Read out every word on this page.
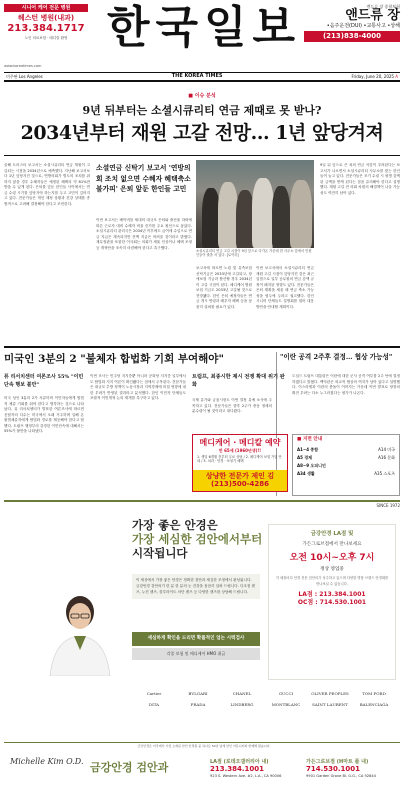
시니어 케어 전문 병원
헤스턴 병원(내과)
213.384.1717
노인 의료보험 · 메디칼 환영 한국일보	앤드류 장 종합보험
앤드류 장
•음주운전(DUI) •교통사고 •상해
(213)838-4000
www.koreatimes.com
미주판 Los Angeles	THE KOREA TIMES	Friday, June 20, 2025 A
■ 이슈 분석
9년 뒤부터는 소셜시큐리티 연금 제때로 못 받나?
2034년부터 재원 고갈 전망… 1년 앞당겨져
올해 트러스티 보고서는 소셜시큐리티 연금 재원이 고갈되는 시점을 2034년으로 예측했다. 지난해 보고서보다 1년 앞당겨진 것으로, 연방의회가 별도의 조치를 취하지 않을 경우 수혜자들은 예정된 혜택의 약 81%만 받을 수 있게 된다. 은퇴를 앞둔 한인들 사이에서는 연금 수령 시기를 앞당겨야 하는지를 두고 고민이 깊어지고 있다. 전문가들은 개인 재정 상황과 건강 상태를 종합적으로 고려해 결정해야 한다고 조언한다.
소셜연금 신탁기 보고서 '연방의회 조치 없으면 수혜자 혜택축소 불가피' 은퇴 앞둔 한인들 고민
이번 보고서는 베이비붐 세대의 대규모 은퇴와 출산율 하락에 따른 근로자 대비 수혜자 비율 증가를 주요 원인으로 꼽았다. 소셜시큐리티 관리국은 2034년 이후에도 급여세 수입으로 연금 지급은 계속되지만 전액 지급은 어려울 것이라고 밝혔다. 재무장관을 포함한 이사회는 의회가 세율 인상이나 혜택 조정 등 개혁안을 조속히 마련해야 한다고 촉구했다.
소셜시큐리티 연금 고갈 시점이 9년 앞으로 다가온 가운데 한 사무소 앞에서 민원인들이 줄을 서 있다. [로이터]
보고서에 따르면 노령 및 유족보험 신탁기금은 2033년에 고갈되고, 장애보험 기금과 합산할 경우 2034년이 고갈 시점이 된다. 메디케어 병원보험 기금도 2033년 고갈될 것으로 전망됐다. 한인 은퇴 예정자들은 연금 개시 연령과 배우자 혜택 등을 꼼꼼히 살펴볼 필요가 있다.
이번 보고서에서 소셜시큐리티 연금 재원 고갈 시점이 앞당겨진 것은 최근 입법으로 일부 공무원의 연금 감액 규정이 폐지된 영향도 있다. 전문가들은 은퇴 계획을 세울 때 연금 축소 가능성을 염두에 두라고 권고했다. 한인 시니어 단체들도 설명회를 열어 대응 방안을 안내할 계획이다.
9일 뒤 앞으로 큰 폭의 연금 삭감이 우려된다는 보고서가 나오면서 소셜시큐리티 사무소를 찾는 한인들이 늘고 있다. 전문가들은 조기 수령 시 평생 감액된 금액을 받게 된다는 점을 유의해야 한다고 설명했다. 재원 고갈 전 의회 차원의 해결책이 나올 가능성도 여전히 남아 있다.
미국인 3분의 2 "불체자 합법화 기회 부여해야"	"이란 공격 2주후 결정… 협상 가능성"
퓨 리서치센터 여론조사 55% "이민단속 행보 불만"
미국 성인 3분의 2가 서류미비 이민자들에게 합법적 체류 기회를 줘야 한다고 생각하는 것으로 나타났다. 퓨 리서치센터가 발표한 여론조사에 따르면 응답자의 다수는 미국에서 오래 거주하며 일해 온 불법체류자에게 합법화 경로를 제공해야 한다고 답했다. 트럼프 행정부의 강경한 이민단속에 대해서는 55%가 불만을 나타냈다.
이번 조사는 민주당 지지층뿐 아니라 공화당 지지층 일부에서도 합법화 지지 여론이 확인됐다는 점에서 주목된다. 전문가들은 대규모 추방 정책이 노동시장과 지역경제에 미칠 영향에 대한 우려가 반영된 결과라고 분석했다. 한인 이민자 단체들도 포괄적 이민개혁 논의 재개를 촉구하고 있다.
트럼프, 최종시한 제시 전쟁 확대 위기 완화
도널드 트럼프 대통령은 이란에 대한 군사 공격 여부를 2주 안에 결정하겠다고 밝혔다. 백악관은 외교적 협상의 여지가 남아 있다고 설명했다. 이스라엘과 이란의 충돌이 이어지는 가운데 이번 발표로 당장의 확전 우려는 다소 누그러졌다는 평가가 나온다.
국제 유가와 금융시장도 이번 결정 유예 소식에 주목하고 있다. 전문가들은 향후 2주가 중동 정세의 분수령이 될 것이라고 내다봤다.
메디케어 · 메디칼 예약
만 65세 (1960년생)!!
1. 생일 6개월 전부터 무료 상담 / 2. 메디케어 보험 가입 안내 / 3. 치과 · 안경 · 보청기 혜택
상냥한 전문가 제인 김 (213)500-4286
■ 지면 안내
A1~4 종합	A14 미국
A5 경제	A16 문화
A8~9 오피니언
A34 생활	A35 스포츠
SINCE 1972
가장 좋은 안경은
가장 세심한 검안에서부터
시작됩니다
이 세상에서 가장 좋은 안경은 정확한 검안과 세심한 조정에서 완성됩니다. 금강안경 검안의가 한 분 한 분의 눈 건강을 꼼꼼히 살펴 드립니다. 다초점 렌즈, 누진 렌즈, 블루라이트 차단 렌즈 등 다양한 렌즈를 상담해 드립니다.
세심하게 확인을 드리면 확률적인 업는 시력검사
각종 보험 및 메디케어 HMO 취급
금강안경 LA점 및
가든그로브점에서 만나보세요
오전 10시~오후 7시
정상 영업중
각 매장마다 안경 전문 검안의가 상주하고 있으며 다양한 명품 브랜드 안경테를 만나보실 수 있습니다.
LA점 : 213.384.1001
OC점 : 714.530.1001
Cartier	BVLGARI	CHANEL	GUCCI	OLIVER PEOPLES	TOM FORD
DITA	PRADA	LINDBERG	MONTBLANC	SAINT LAURENT	BALENCIAGA
금강안경은 미국에서 가장 오래된 한인 안경원 중 하나로 50년 넘게 한인 커뮤니티와 함께해 왔습니다.
Michelle Kim O.D. 금강안경 검안과	LA점 (로데오갤러리아 내)
213.384.1001
923 S. Western Ave. #2, L.A., CA 90006
가든그로브점 (H마트 플 내)
714.530.1001
9901 Garden Grove Bl. G.G., CA 92844
